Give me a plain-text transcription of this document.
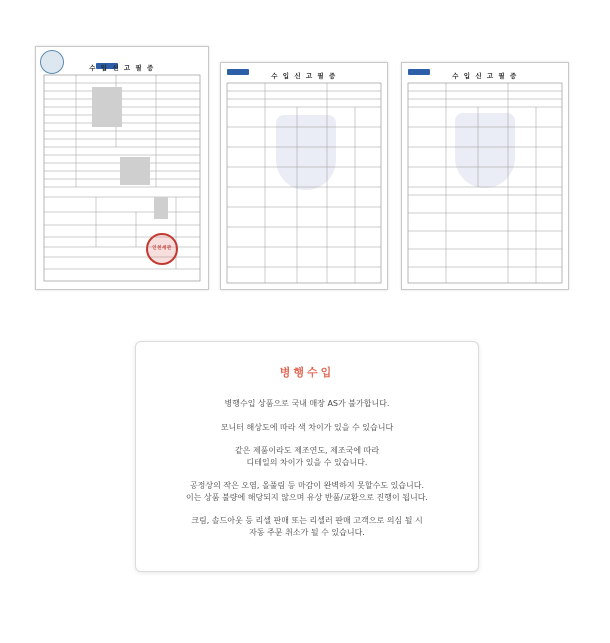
수 입 신 고 필 증
인천세관
수 입 신 고 필 증	수 입 신 고 필 증
병행수입

병행수입 상품으로 국내 매장 AS가 불가합니다.

모니터 해상도에 따라 색 차이가 있을 수 있습니다

같은 제품이라도 제조연도, 제조국에 따라

디테일의 차이가 있을 수 있습니다.

공정상의 작은 오염, 올풀림 등 마감이 완벽하지 못할수도 있습니다.

이는 상품 불량에 해당되지 않으며 유상 반품/교환으로 진행이 됩니다.

크림, 솔드아웃 등 리셀 판매 또는 리셀러 판매 고객으로 의심 될 시

자동 주문 취소가 될 수 있습니다.
